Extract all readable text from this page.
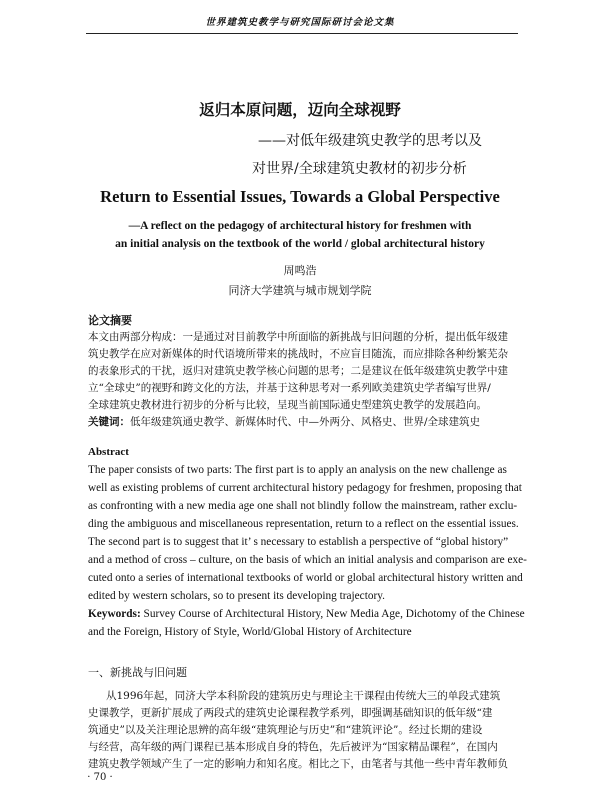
世界建筑史教学与研究国际研讨会论文集
返归本原问题，迈向全球视野
——对低年级建筑史教学的思考以及
对世界/全球建筑史教材的初步分析
Return to Essential Issues, Towards a Global Perspective
—A reflect on the pedagogy of architectural history for freshmen with
an initial analysis on the textbook of the world / global architectural history
周鸣浩
同济大学建筑与城市规划学院
论文摘要
本文由两部分构成：一是通过对目前教学中所面临的新挑战与旧问题的分析，提出低年级建
筑史教学在应对新媒体的时代语境所带来的挑战时，不应盲目随流，而应排除各种纷繁芜杂
的表象形式的干扰，返归对建筑史教学核心问题的思考；二是建议在低年级建筑史教学中建
立“全球史”的视野和跨文化的方法，并基于这种思考对一系列欧美建筑史学者编写世界/
全球建筑史教材进行初步的分析与比较，呈现当前国际通史型建筑史教学的发展趋向。
关键词：低年级建筑通史教学、新媒体时代、中—外两分、风格史、世界/全球建筑史
Abstract
The paper consists of two parts: The first part is to apply an analysis on the new challenge as
well as existing problems of current architectural history pedagogy for freshmen, proposing that
as confronting with a new media age one shall not blindly follow the mainstream, rather exclu-
ding the ambiguous and miscellaneous representation, return to a reflect on the essential issues.
The second part is to suggest that it’ s necessary to establish a perspective of “global history”
and a method of cross – culture, on the basis of which an initial analysis and comparison are exe-
cuted onto a series of international textbooks of world or global architectural history written and
edited by western scholars, so to present its developing trajectory.
Keywords: Survey Course of Architectural History, New Media Age, Dichotomy of the Chinese
and the Foreign, History of Style, World/Global History of Architecture
一、新挑战与旧问题
从1996年起，同济大学本科阶段的建筑历史与理论主干课程由传统大三的单段式建筑
史课教学，更新扩展成了两段式的建筑史论课程教学系列，即强调基础知识的低年级“建
筑通史”以及关注理论思辨的高年级“建筑理论与历史”和“建筑评论”。经过长期的建设
与经营，高年级的两门课程已基本形成自身的特色，先后被评为“国家精品课程”，在国内
建筑史教学领域产生了一定的影响力和知名度。相比之下，由笔者与其他一些中青年教师负
· 70 ·
